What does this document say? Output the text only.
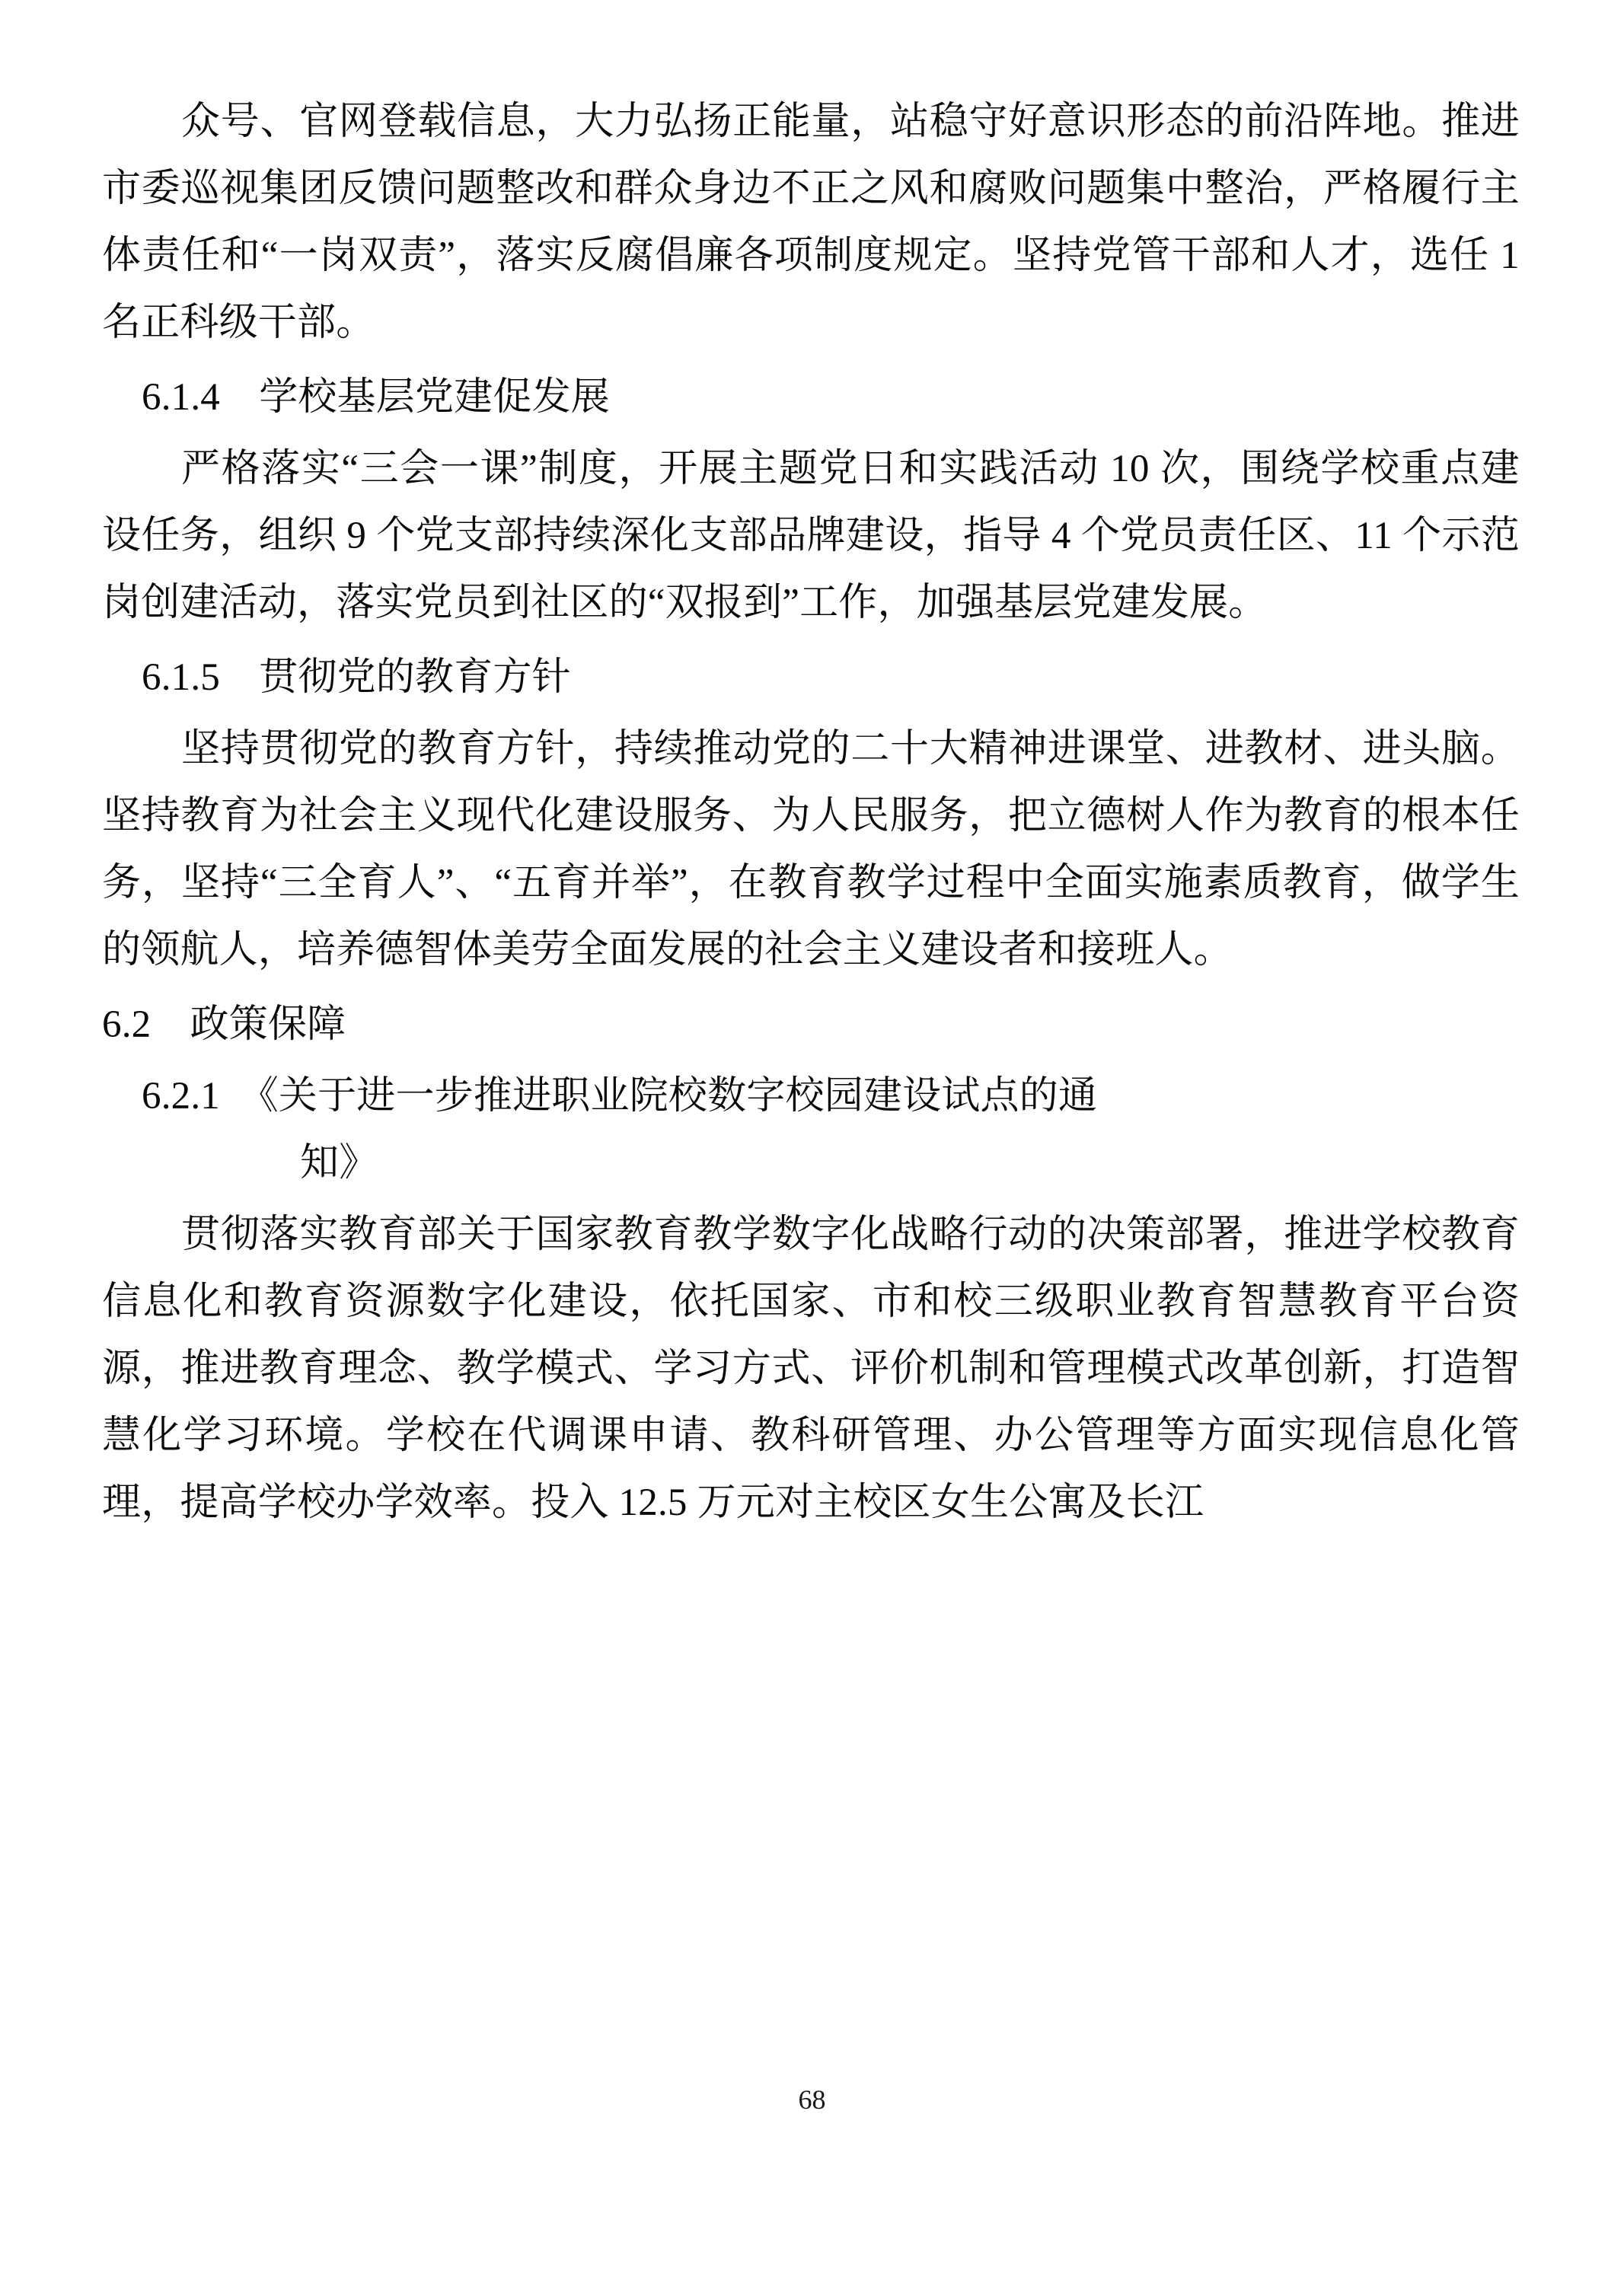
众号、官网登载信息，大力弘扬正能量，站稳守好意识形态的前沿阵地。推进市委巡视集团反馈问题整改和群众身边不正之风和腐败问题集中整治，严格履行主体责任和“一岗双责”，落实反腐倡廉各项制度规定。坚持党管干部和人才，选任 1 名正科级干部。

6.1.4　学校基层党建促发展

严格落实“三会一课”制度，开展主题党日和实践活动 10 次，围绕学校重点建设任务，组织 9 个党支部持续深化支部品牌建设，指导 4 个党员责任区、11 个示范岗创建活动，落实党员到社区的“双报到”工作，加强基层党建发展。

6.1.5　贯彻党的教育方针

坚持贯彻党的教育方针，持续推动党的二十大精神进课堂、进教材、进头脑。坚持教育为社会主义现代化建设服务、为人民服务，把立德树人作为教育的根本任务，坚持“三全育人”、“五育并举”，在教育教学过程中全面实施素质教育，做学生的领航人，培养德智体美劳全面发展的社会主义建设者和接班人。

6.2　政策保障

6.2.1　《关于进一步推进职业院校数字校园建设试点的通
知》

贯彻落实教育部关于国家教育教学数字化战略行动的决策部署，推进学校教育信息化和教育资源数字化建设，依托国家、市和校三级职业教育智慧教育平台资源，推进教育理念、教学模式、学习方式、评价机制和管理模式改革创新，打造智慧化学习环境。学校在代调课申请、教科研管理、办公管理等方面实现信息化管理，提高学校办学效率。投入 12.5 万元对主校区女生公寓及长江

68
